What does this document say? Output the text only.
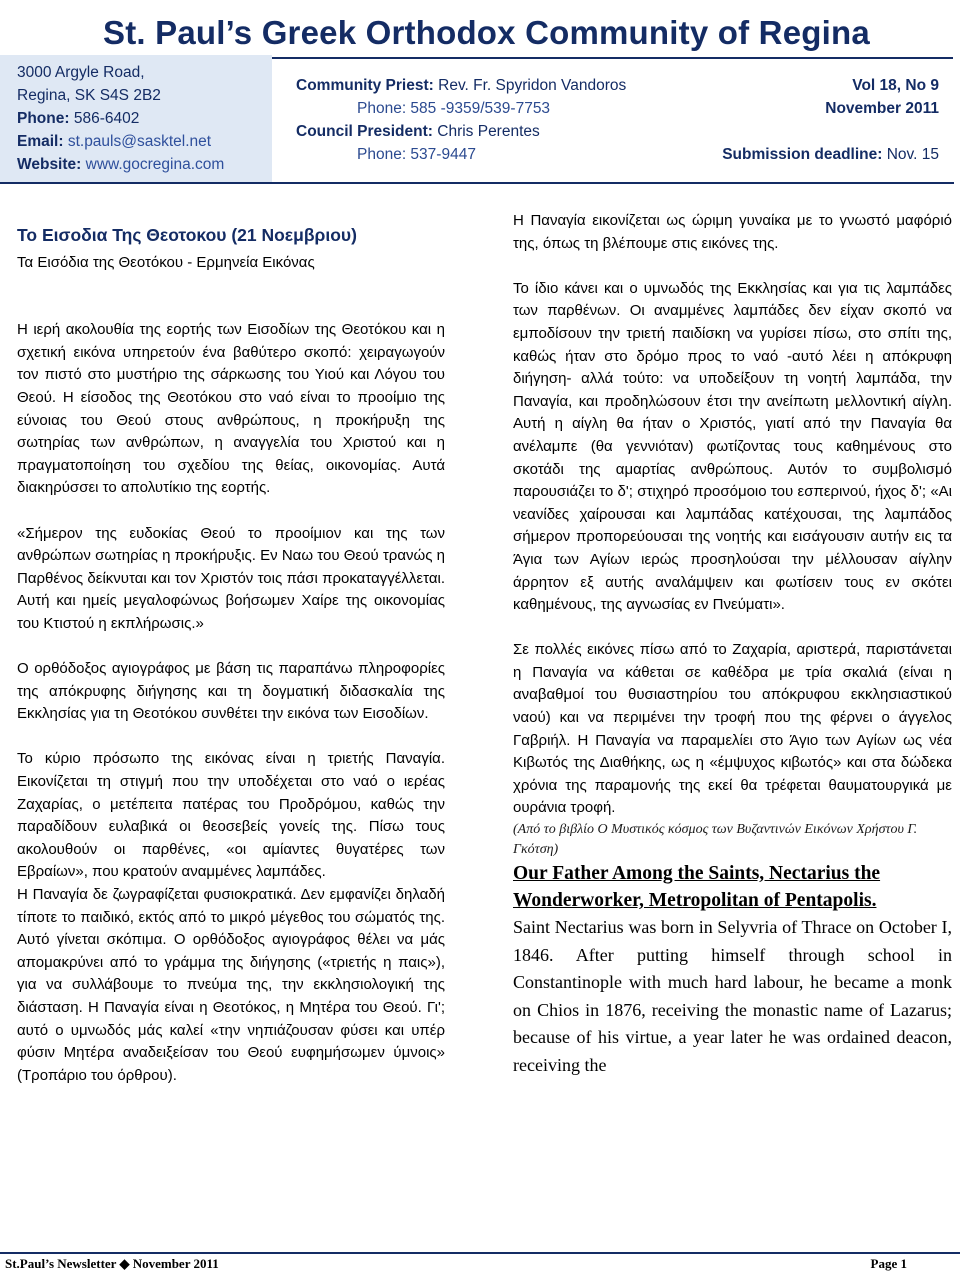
St. Paul’s Greek Orthodox Community of Regina
3000 Argyle Road,
Regina, SK S4S 2B2
Phone: 586-6402
Email: st.pauls@sasktel.net
Website: www.gocregina.com
Community Priest: Rev. Fr. Spyridon Vandoros
Phone: 585 -9359/539-7753
Council President: Chris Perentes
Phone: 537-9447
Vol 18, No 9
November 2011
Submission deadline: Nov. 15

Το Εισοδια Της Θεοτοκου (21 Νοεμβριου)

Τα Εισόδια της Θεοτόκου - Ερμηνεία Εικόνας

Η ιερή ακολουθία της εορτής των Εισοδίων της Θεοτόκου και η σχετική εικόνα υπηρετούν ένα βαθύτερο σκοπό: χειραγωγούν τον πιστό στο μυστήριο της σάρκωσης του Υιού και Λόγου του Θεού. Η είσοδος της Θεοτόκου στο ναό είναι το προοίμιο της εύνοιας του Θεού στους ανθρώπους, η προκήρυξη της σωτηρίας των ανθρώπων, η αναγγελία του Χριστού και η πραγματοποίηση του σχεδίου της θείας, οικονομίας. Αυτά διακηρύσσει το απολυτίκιο της εορτής.

«Σήμερον της ευδοκίας Θεού το προοίμιον και της των ανθρώπων σωτηρίας η προκήρυξις. Εν Ναω του Θεού τρανώς η Παρθένος δείκνυται και τον Χριστόν τοις πάσι προκαταγγέλλεται. Αυτή και ημείς μεγαλοφώνως βοήσωμεν Χαίρε της οικονομίας του Κτιστού η εκπλήρωσις.»

Ο ορθόδοξος αγιογράφος με βάση τις παραπάνω πληροφορίες της απόκρυφης διήγησης και τη δογματική διδασκαλία της Εκκλησίας για τη Θεοτόκου συνθέτει την εικόνα των Εισοδίων.

Το κύριο πρόσωπο της εικόνας είναι η τριετής Παναγία. Εικονίζεται τη στιγμή που την υποδέχεται στο ναό ο ιερέας Ζαχαρίας, ο μετέπειτα πατέρας του Προδρόμου, καθώς την παραδίδουν ευλαβικά οι θεοσεβείς γονείς της. Πίσω τους ακολουθούν οι παρθένες, «οι αμίαντες θυγατέρες των Εβραίων», που κρατούν αναμμένες λαμπάδες.

Η Παναγία δε ζωγραφίζεται φυσιοκρατικά. Δεν εμφανίζει δηλαδή τίποτε το παιδικό, εκτός από το μικρό μέγεθος του σώματός της. Αυτό γίνεται σκόπιμα. Ο ορθόδοξος αγιογράφος θέλει να μάς απομακρύνει από το γράμμα της διήγησης («τριετής η παις»), για να συλλάβουμε το πνεύμα της, την εκκλησιολογική της διάσταση. Η Παναγία είναι η Θεοτόκος, η Μητέρα του Θεού. Γι'; αυτό ο υμνωδός μάς καλεί «την νηπιάζουσαν φύσει και υπέρ φύσιν Μητέρα αναδειξείσαν του Θεού ευφημήσωμεν ύμνοις» (Τροπάριο του όρθρου).

Η Παναγία εικονίζεται ως ώριμη γυναίκα με το γνωστό μαφόριό της, όπως τη βλέπουμε στις εικόνες της.

Το ίδιο κάνει και ο υμνωδός της Εκκλησίας και για τις λαμπάδες των παρθένων. Οι αναμμένες λαμπάδες δεν είχαν σκοπό να εμποδίσουν την τριετή παιδίσκη να γυρίσει πίσω, στο σπίτι της, καθώς ήταν στο δρόμο προς το ναό -αυτό λέει η απόκρυφη διήγηση- αλλά τούτο: να υποδείξουν τη νοητή λαμπάδα, την Παναγία, και προδηλώσουν έτσι την ανείπωτη μελλοντική αίγλη. Αυτή η αίγλη θα ήταν ο Χριστός, γιατί από την Παναγία θα ανέλαμπε (θα γεννιόταν) φωτίζοντας τους καθημένους στο σκοτάδι της αμαρτίας ανθρώπους. Αυτόν το συμβολισμό παρουσιάζει το δ'; στιχηρό προσόμοιο του εσπερινού, ήχος δ'; «Αι νεανίδες χαίρουσαι και λαμπάδας κατέχουσαι, της λαμπάδος σήμερον προπορεύουσαι της νοητής και εισάγουσιν αυτήν εις τα Άγια των Αγίων ιερώς προσηλούσαι την μέλλουσαν αίγλην άρρητον εξ αυτής αναλάμψειν και φωτίσειν τους εν σκότει καθημένους, της αγνωσίας εν Πνεύματι».

Σε πολλές εικόνες πίσω από το Ζαχαρία, αριστερά, παριστάνεται η Παναγία να κάθεται σε καθέδρα με τρία σκαλιά (είναι η αναβαθμοί του θυσιαστηρίου του απόκρυφου εκκλησιαστικού ναού) και να περιμένει την τροφή που της φέρνει ο άγγελος Γαβριήλ. Η Παναγία να παραμελίει στο Άγιο των Αγίων ως νέα Κιβωτός της Διαθήκης, ως η «έμψυχος κιβωτός» και στα δώδεκα χρόνια της παραμονής της εκεί θα τρέφεται θαυματουργικά με ουράνια τροφή.

(Από το βιβλίο Ο Μυστικός κόσμος των Βυζαντινών Εικόνων Χρήστου Γ. Γκότση)

Our Father Among the Saints, Nectarius the Wonderworker, Metropolitan of Pentapolis.

Saint Nectarius was born in Selyvria of Thrace on October I, 1846. After putting himself through school in Constantinople with much hard labour, he became a monk on Chios in 1876, receiving the monastic name of Lazarus; because of his virtue, a year later he was ordained deacon, receiving the

St.Paul’s Newsletter ◆ November 2011	Page 1
